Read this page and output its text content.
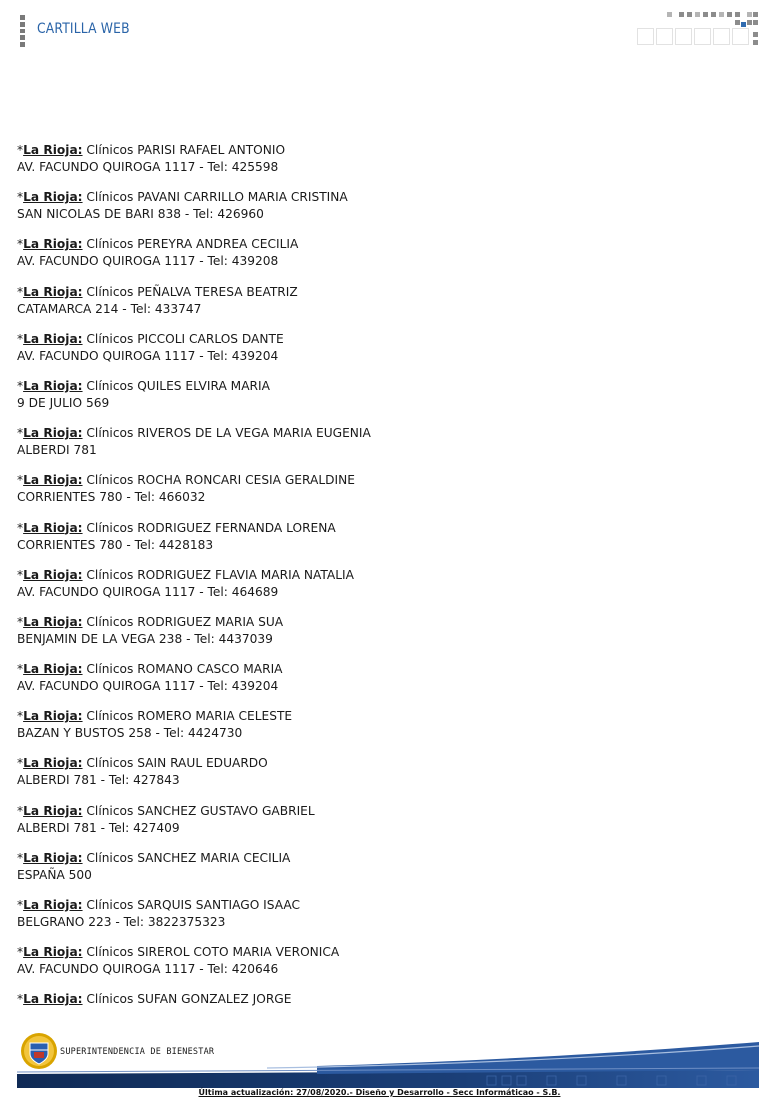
CARTILLA WEB
*La Rioja: Clínicos PARISI RAFAEL ANTONIO
AV. FACUNDO QUIROGA 1117 - Tel: 425598
*La Rioja: Clínicos PAVANI CARRILLO MARIA CRISTINA
SAN NICOLAS DE BARI 838 - Tel: 426960
*La Rioja: Clínicos PEREYRA ANDREA CECILIA
AV. FACUNDO QUIROGA 1117 - Tel: 439208
*La Rioja: Clínicos PEÑALVA TERESA BEATRIZ
CATAMARCA 214 - Tel: 433747
*La Rioja: Clínicos PICCOLI CARLOS DANTE
AV. FACUNDO QUIROGA 1117 - Tel: 439204
*La Rioja: Clínicos QUILES ELVIRA MARIA
9 DE JULIO 569
*La Rioja: Clínicos RIVEROS DE LA VEGA MARIA EUGENIA
ALBERDI 781
*La Rioja: Clínicos ROCHA RONCARI CESIA GERALDINE
CORRIENTES 780 - Tel: 466032
*La Rioja: Clínicos RODRIGUEZ FERNANDA LORENA
CORRIENTES 780 - Tel: 4428183
*La Rioja: Clínicos RODRIGUEZ FLAVIA MARIA NATALIA
AV. FACUNDO QUIROGA 1117 - Tel: 464689
*La Rioja: Clínicos RODRIGUEZ MARIA SUA
BENJAMIN DE LA VEGA 238 - Tel: 4437039
*La Rioja: Clínicos ROMANO CASCO MARIA
AV. FACUNDO QUIROGA 1117 - Tel: 439204
*La Rioja: Clínicos ROMERO MARIA CELESTE
BAZAN Y BUSTOS 258 - Tel: 4424730
*La Rioja: Clínicos SAIN RAUL EDUARDO
ALBERDI 781 - Tel: 427843
*La Rioja: Clínicos SANCHEZ GUSTAVO GABRIEL
ALBERDI 781 - Tel: 427409
*La Rioja: Clínicos SANCHEZ MARIA CECILIA
ESPAÑA 500
*La Rioja: Clínicos SARQUIS SANTIAGO ISAAC
BELGRANO 223 - Tel: 3822375323
*La Rioja: Clínicos SIREROL COTO MARIA VERONICA
AV. FACUNDO QUIROGA 1117 - Tel: 420646
*La Rioja: Clínicos SUFAN GONZALEZ JORGE
SUPERINTENDENCIA DE BIENESTAR
Última actualización: 27/08/2020.- Diseño y Desarrollo - Secc Informáticao - S.B.
